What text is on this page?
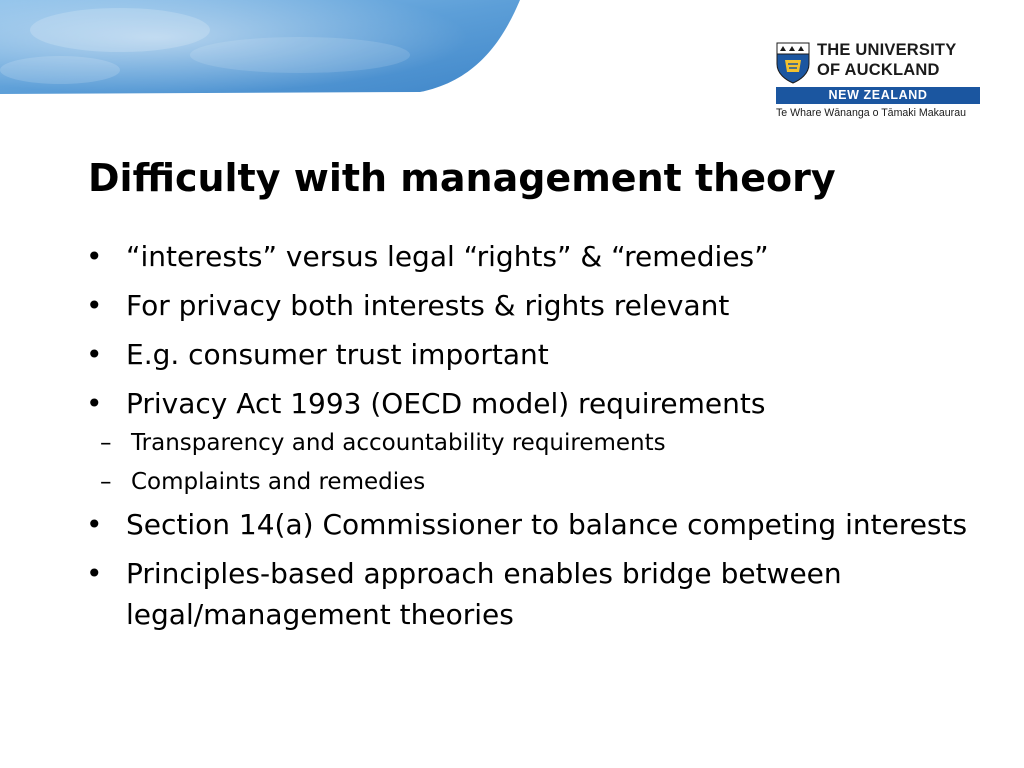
THE UNIVERSITY
OF AUCKLAND
NEW ZEALAND
Te Whare Wānanga o Tāmaki Makaurau
Difficulty with management theory
• “interests” versus legal “rights” & “remedies”
• For privacy both interests & rights relevant
• E.g. consumer trust important
• Privacy Act 1993 (OECD model) requirements
– Transparency and accountability requirements
– Complaints and remedies
• Section 14(a) Commissioner to balance competing interests
• Principles-based approach enables bridge between legal/management theories
